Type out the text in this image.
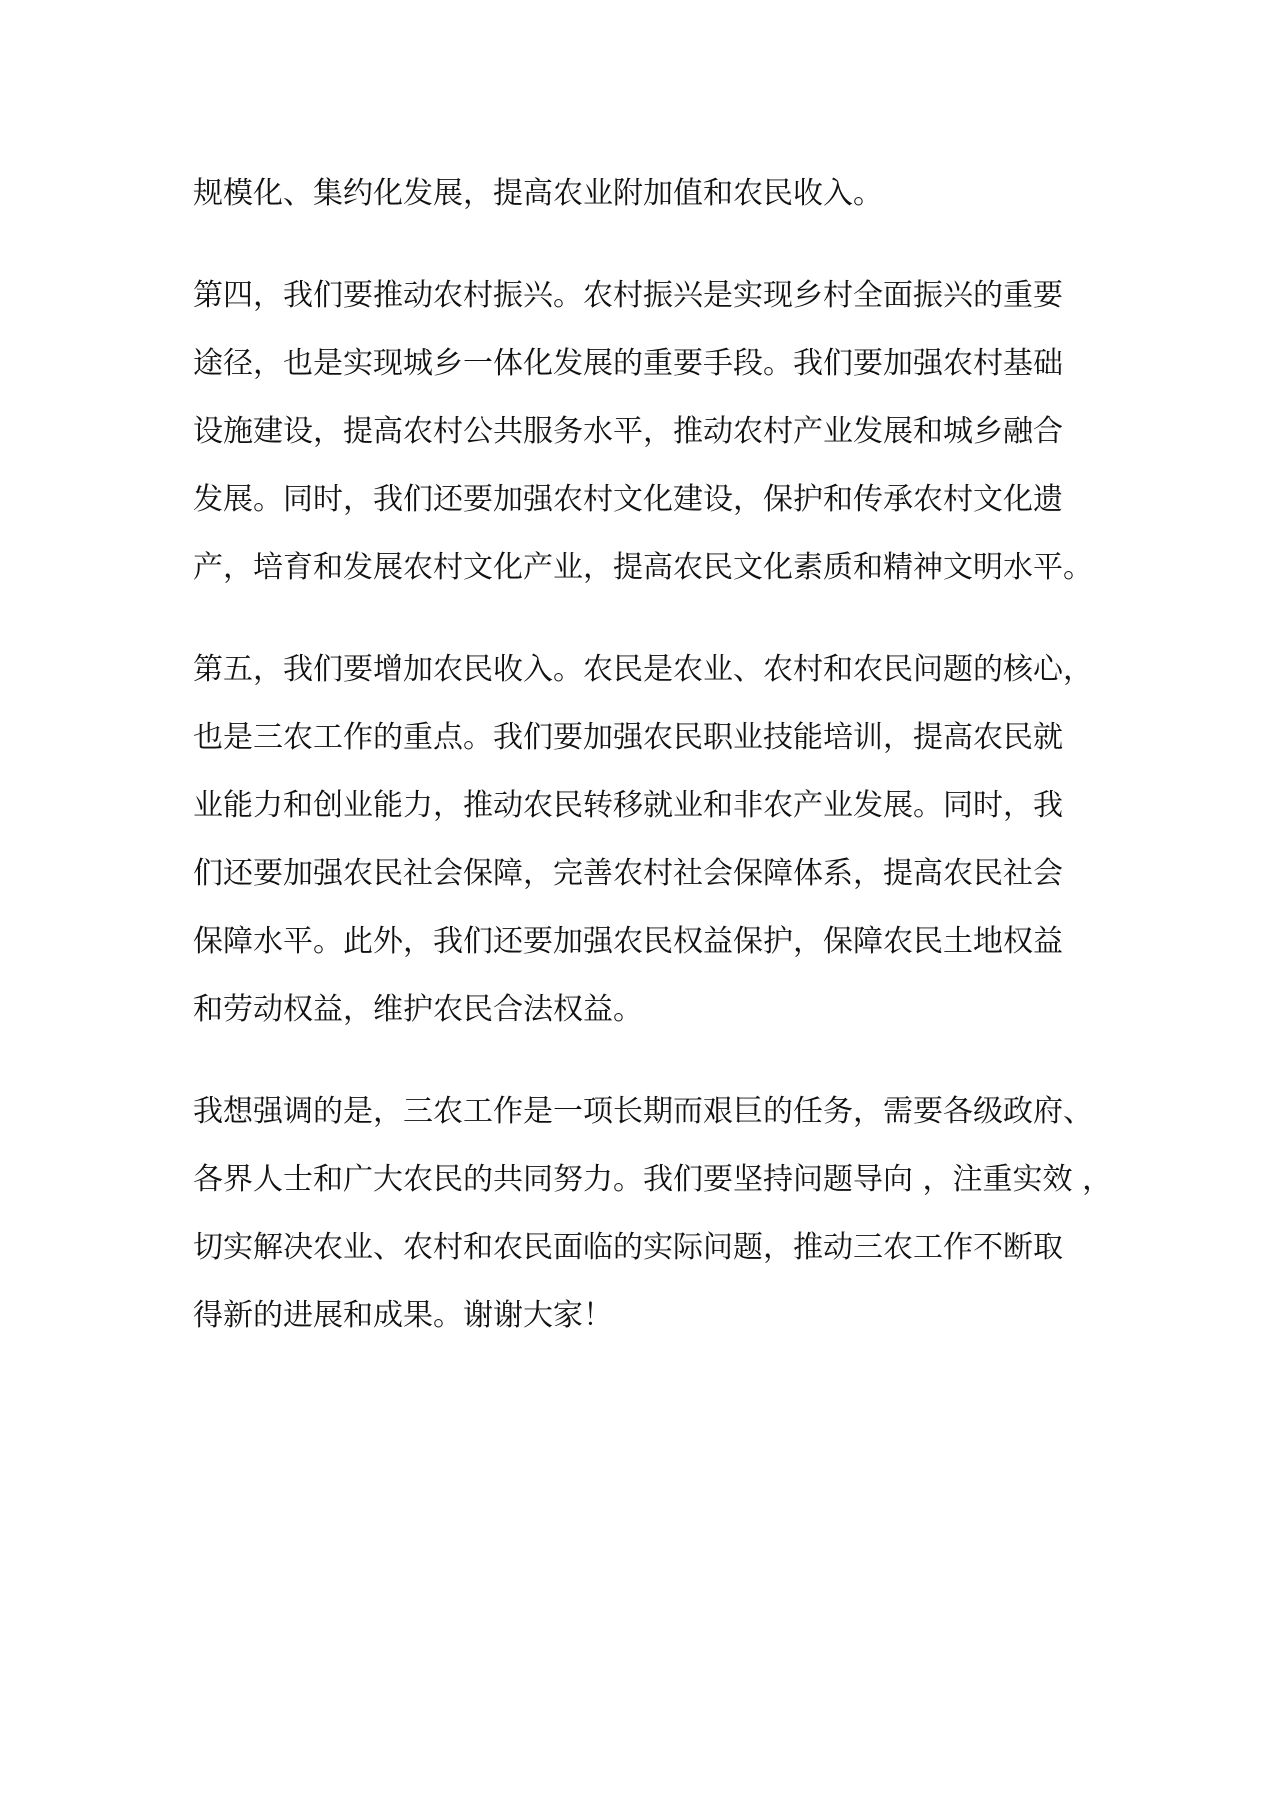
规模化、集约化发展，提高农业附加值和农民收入。

第四，我们要推动农村振兴。农村振兴是实现乡村全面振兴的重要
途径，也是实现城乡一体化发展的重要手段。我们要加强农村基础
设施建设，提高农村公共服务水平，推动农村产业发展和城乡融合
发展。同时，我们还要加强农村文化建设，保护和传承农村文化遗
产，培育和发展农村文化产业，提高农民文化素质和精神文明水平。

第五，我们要增加农民收入。农民是农业、农村和农民问题的核心，
也是三农工作的重点。我们要加强农民职业技能培训，提高农民就
业能力和创业能力，推动农民转移就业和非农产业发展。同时，我
们还要加强农民社会保障，完善农村社会保障体系，提高农民社会
保障水平。此外，我们还要加强农民权益保护，保障农民土地权益
和劳动权益，维护农民合法权益。

我想强调的是，三农工作是一项长期而艰巨的任务，需要各级政府、
各界人士和广大农民的共同努力。我们要坚持问题导向 ，注重实效 ，
切实解决农业、农村和农民面临的实际问题，推动三农工作不断取
得新的进展和成果。谢谢大家！
